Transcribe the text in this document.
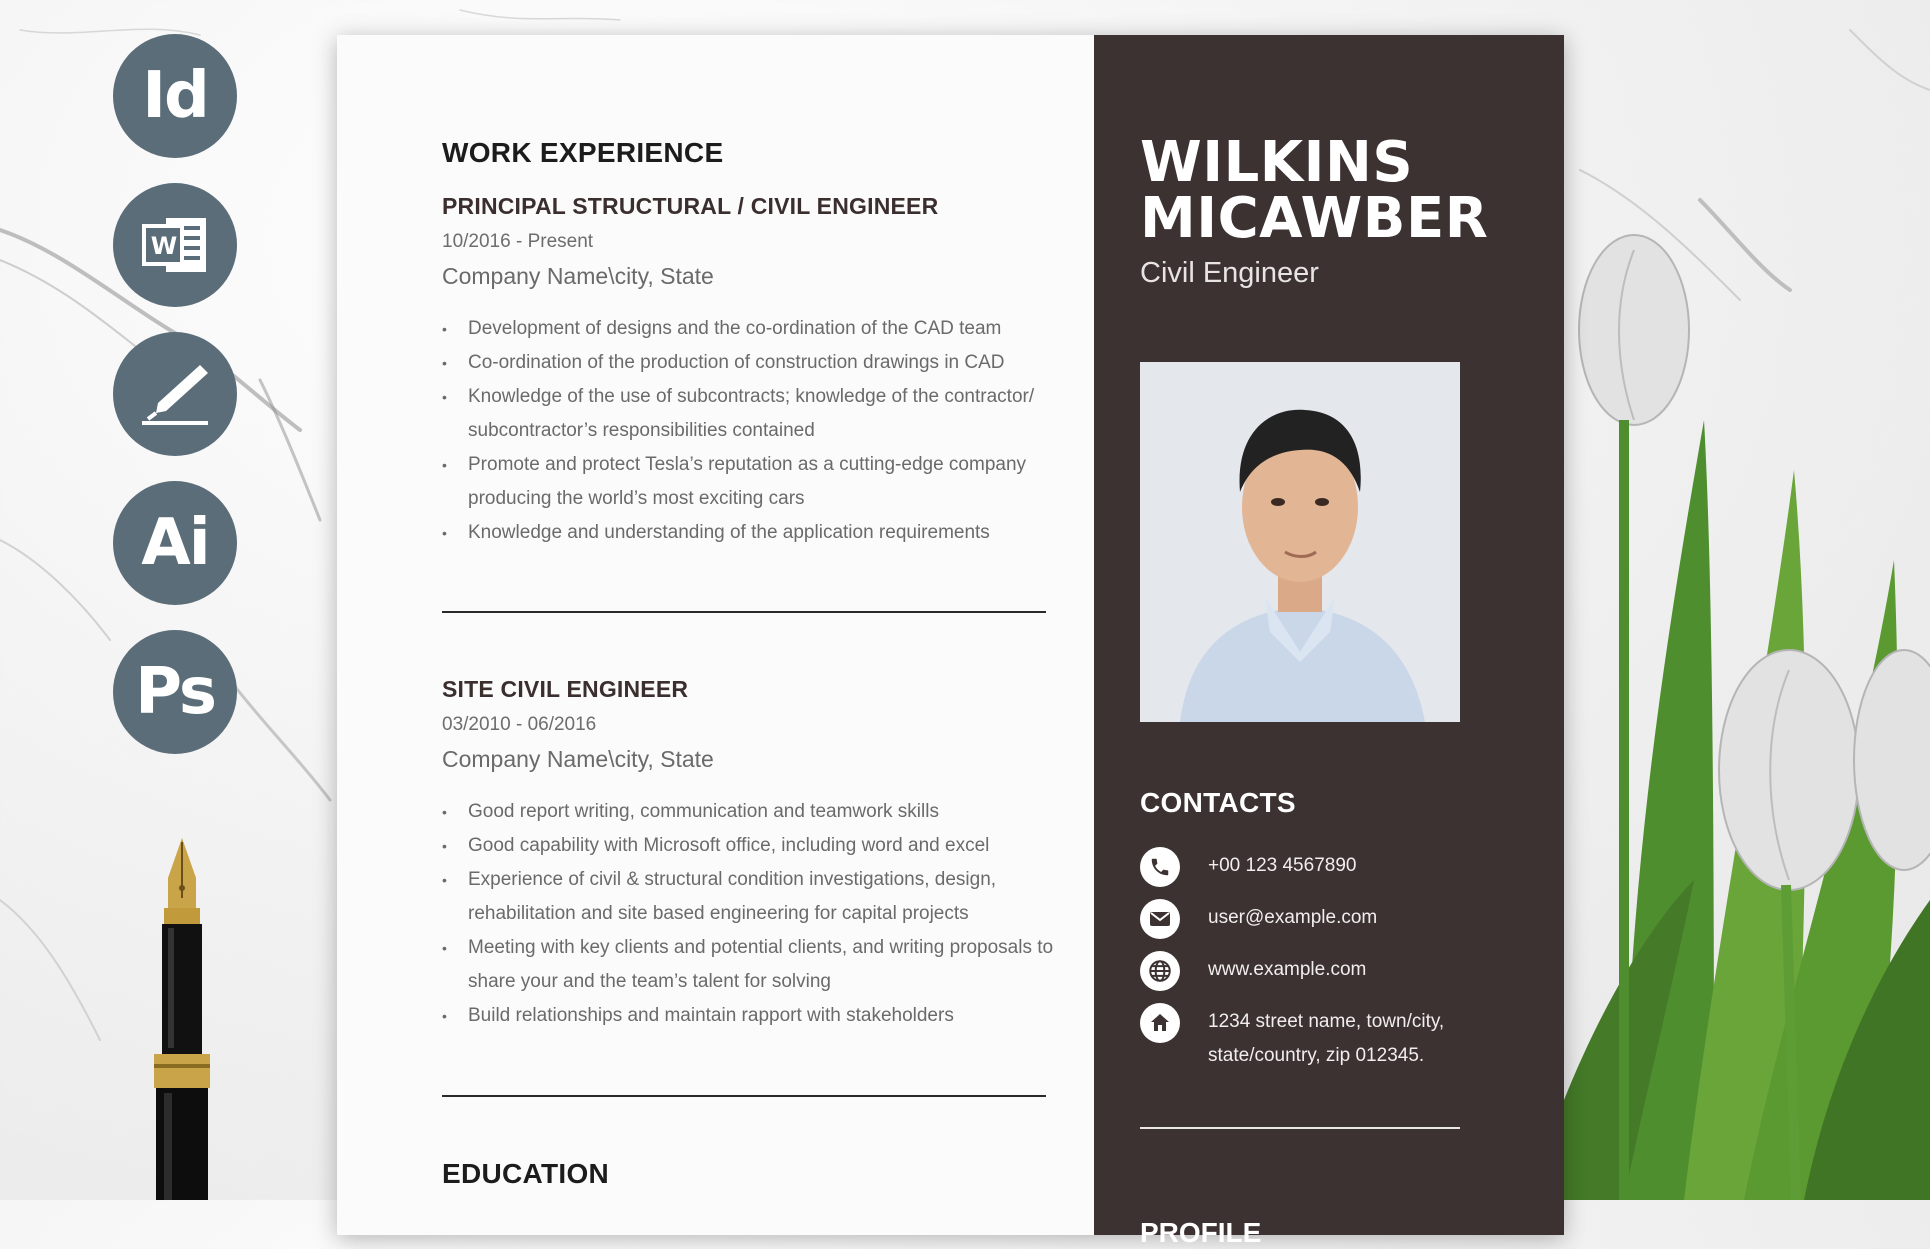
Id
W
Ai
Ps
WORK EXPERIENCE
PRINCIPAL STRUCTURAL / CIVIL ENGINEER
10/2016 - Present
Company Name\city, State
• Development of designs and the co-ordination of the CAD team
• Co-ordination of the production of construction drawings in CAD
• Knowledge of the use of subcontracts; knowledge of the contractor/ subcontractor’s responsibilities contained
• Promote and protect Tesla’s reputation as a cutting-edge company producing the world’s most exciting cars
• Knowledge and understanding of the application requirements
SITE CIVIL ENGINEER
03/2010 - 06/2016
Company Name\city, State
• Good report writing, communication and teamwork skills
• Good capability with Microsoft office, including word and excel
• Experience of civil & structural condition investigations, design, rehabilitation and site based engineering for capital projects
• Meeting with key clients and potential clients, and writing proposals to share your and the team’s talent for solving
• Build relationships and maintain rapport with stakeholders
EDUCATION
WILKINS
MICAWBER
Civil Engineer
CONTACTS
+00 123 4567890
user@example.com
www.example.com
1234 street name, town/city, state/country, zip 012345.
PROFILE
